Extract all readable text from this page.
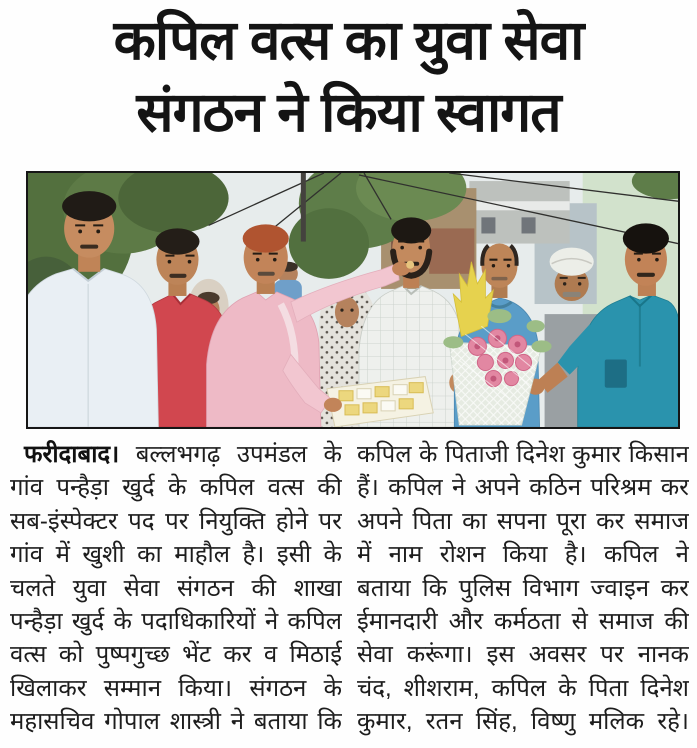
कपिल वत्स का युवा सेवा
संगठन ने किया स्वागत
फरीदाबाद। बल्लभगढ़ उपमंडल के
गांव पन्हैड़ा खुर्द के कपिल वत्स की
सब-इंस्पेक्टर पद पर नियुक्ति होने पर
गांव में खुशी का माहौल है। इसी के
चलते युवा सेवा संगठन की शाखा
पन्हैड़ा खुर्द के पदाधिकारियों ने कपिल
वत्स को पुष्पगुच्छ भेंट कर व मिठाई
खिलाकर सम्मान किया। संगठन के
महासचिव गोपाल शास्त्री ने बताया कि
कपिल के पिताजी दिनेश कुमार किसान
हैं। कपिल ने अपने कठिन परिश्रम कर
अपने पिता का सपना पूरा कर समाज
में नाम रोशन किया है। कपिल ने
बताया कि पुलिस विभाग ज्वाइन कर
ईमानदारी और कर्मठता से समाज की
सेवा करूंगा। इस अवसर पर नानक
चंद, शीशराम, कपिल के पिता दिनेश
कुमार, रतन सिंह, विष्णु मलिक रहे।
